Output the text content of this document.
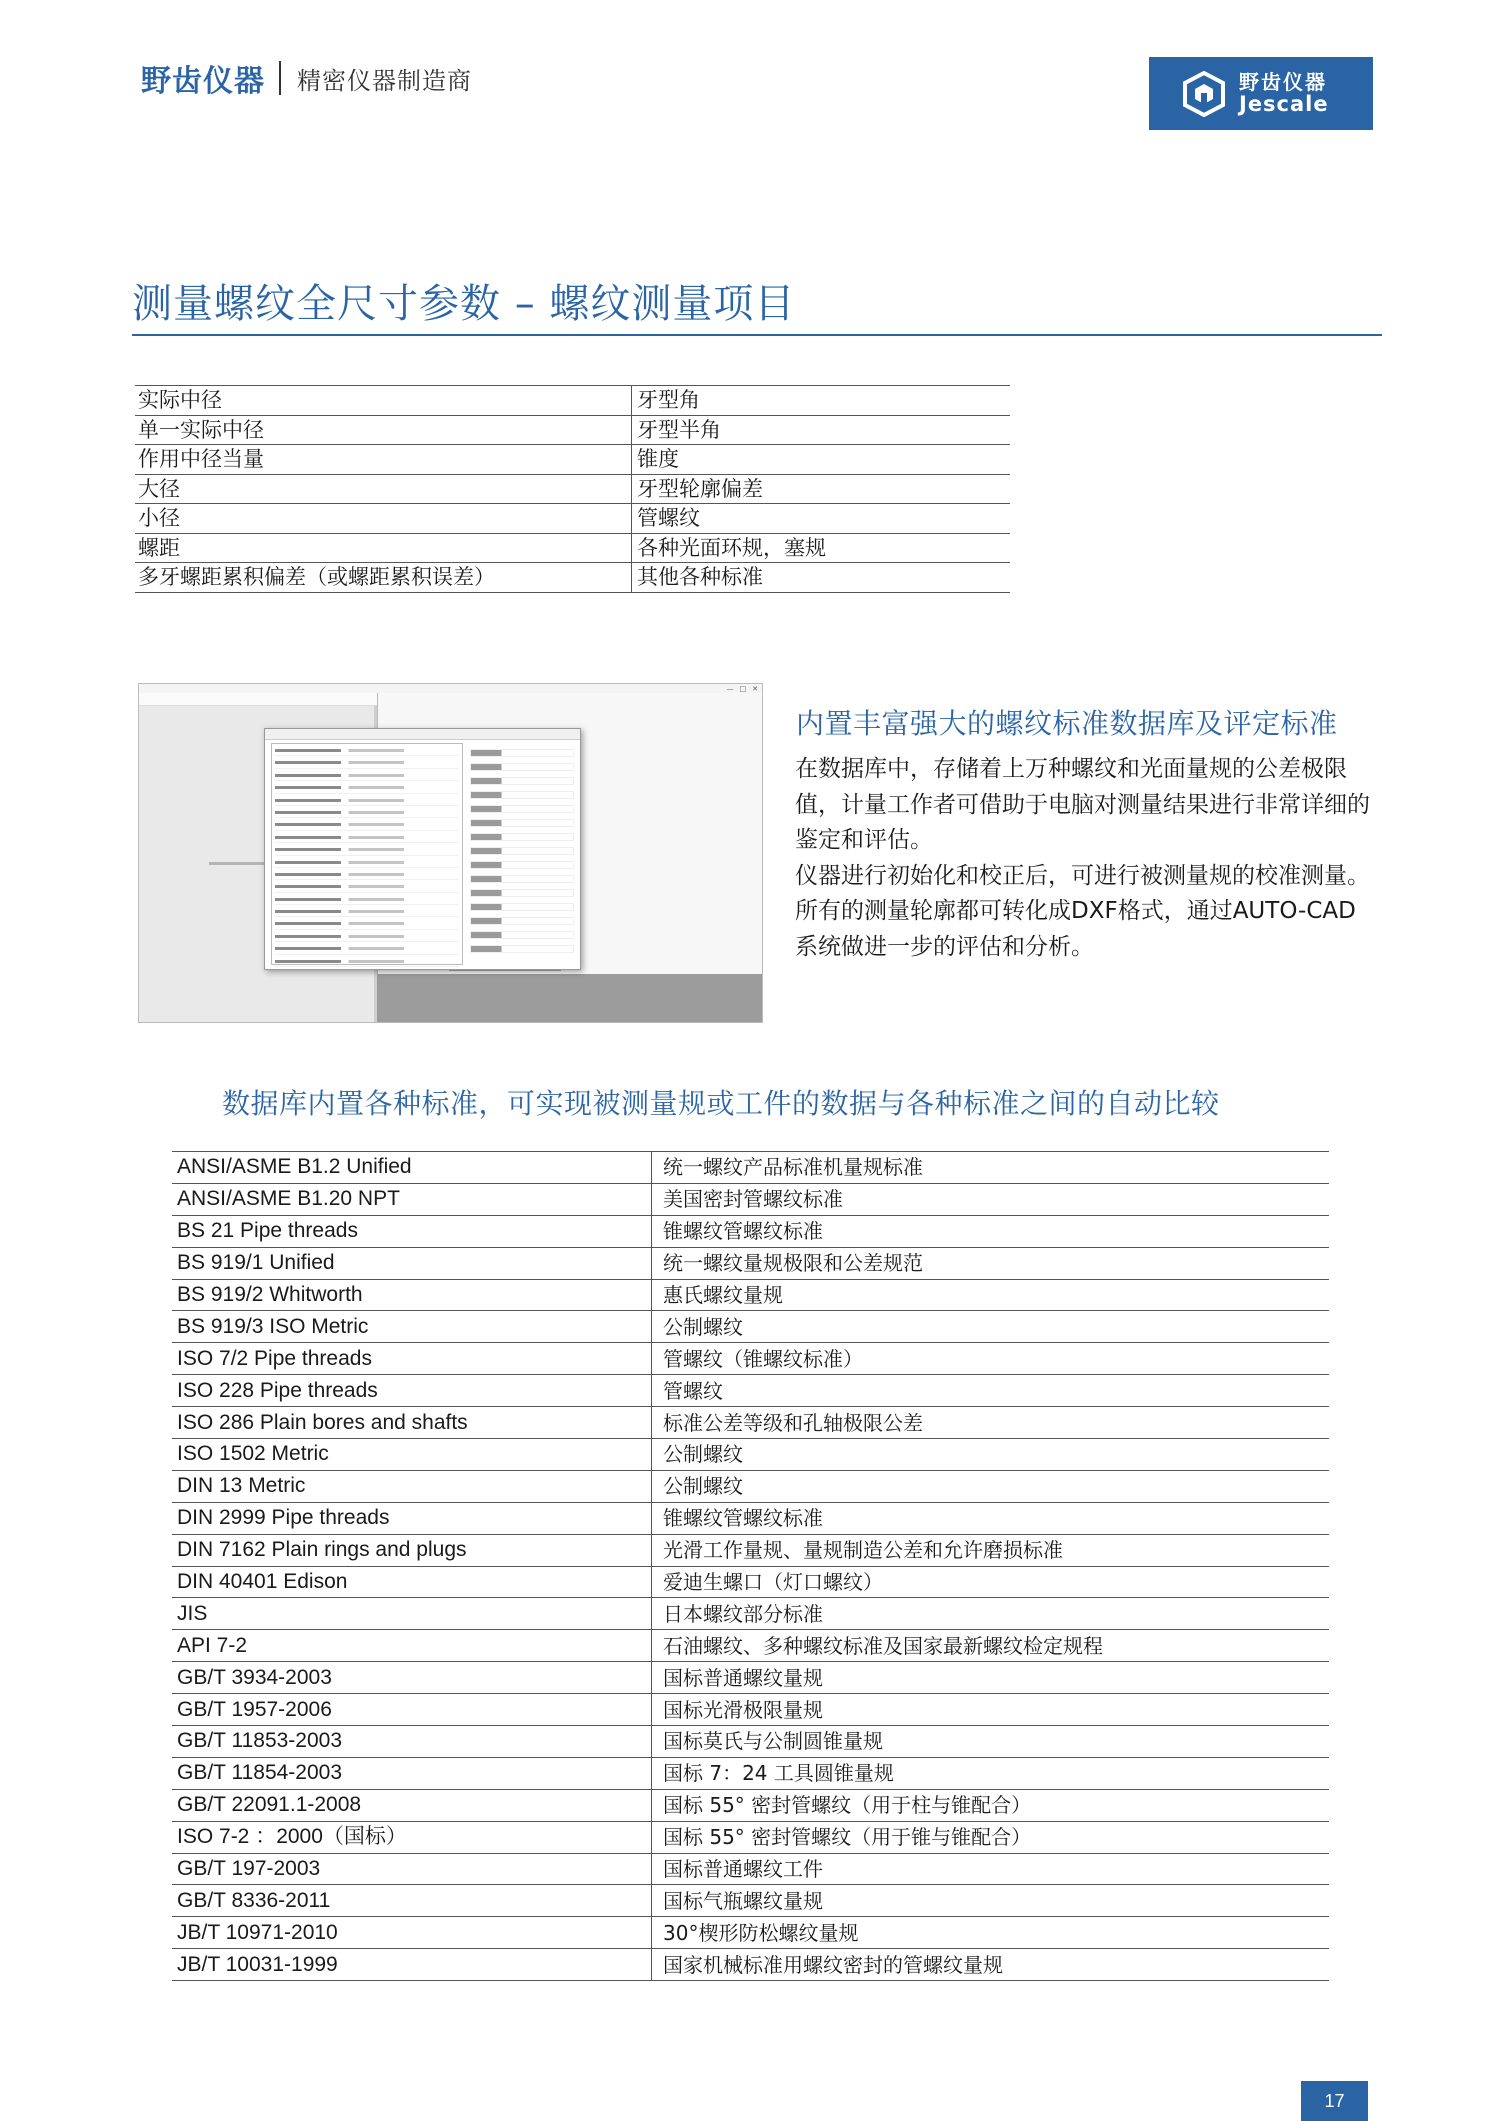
野齿仪器 精密仪器制造商	野齿仪器
Jescale
测量螺纹全尺寸参数 – 螺纹测量项目
实际中径	牙型角
单一实际中径	牙型半角
作用中径当量	锥度
大径	牙型轮廓偏差
小径	管螺纹
螺距	各种光面环规，塞规
多牙螺距累积偏差（或螺距累积误差）	其他各种标准
— □ ✕
内置丰富强大的螺纹标准数据库及评定标准

在数据库中，存储着上万种螺纹和光面量规的公差极限值，计量工作者可借助于电脑对测量结果进行非常详细的鉴定和评估。

仪器进行初始化和校正后，可进行被测量规的校准测量。

所有的测量轮廓都可转化成DXF格式，通过AUTO-CAD系统做进一步的评估和分析。

数据库内置各种标准，可实现被测量规或工件的数据与各种标准之间的自动比较
ANSI/ASME B1.2 Unified	统一螺纹产品标准机量规标准
ANSI/ASME B1.20 NPT	美国密封管螺纹标准
BS 21 Pipe threads	锥螺纹管螺纹标准
BS 919/1 Unified	统一螺纹量规极限和公差规范
BS 919/2 Whitworth	惠氏螺纹量规
BS 919/3 ISO Metric	公制螺纹
ISO 7/2 Pipe threads	管螺纹（锥螺纹标准）
ISO 228 Pipe threads	管螺纹
ISO 286 Plain bores and shafts	标准公差等级和孔轴极限公差
ISO 1502 Metric	公制螺纹
DIN 13 Metric	公制螺纹
DIN 2999 Pipe threads	锥螺纹管螺纹标准
DIN 7162 Plain rings and plugs	光滑工作量规、量规制造公差和允许磨损标准
DIN 40401 Edison	爱迪生螺口（灯口螺纹）
JIS	日本螺纹部分标准
API 7-2	石油螺纹、多种螺纹标准及国家最新螺纹检定规程
GB/T 3934-2003	国标普通螺纹量规
GB/T 1957-2006	国标光滑极限量规
GB/T 11853-2003	国标莫氏与公制圆锥量规
GB/T 11854-2003	国标 7：24 工具圆锥量规
GB/T 22091.1-2008	国标 55° 密封管螺纹（用于柱与锥配合）
ISO 7-2 ：2000（国标）	国标 55° 密封管螺纹（用于锥与锥配合）
GB/T 197-2003	国标普通螺纹工件
GB/T 8336-2011	国标气瓶螺纹量规
JB/T 10971-2010	30°楔形防松螺纹量规
JB/T 10031-1999	国家机械标准用螺纹密封的管螺纹量规
17
